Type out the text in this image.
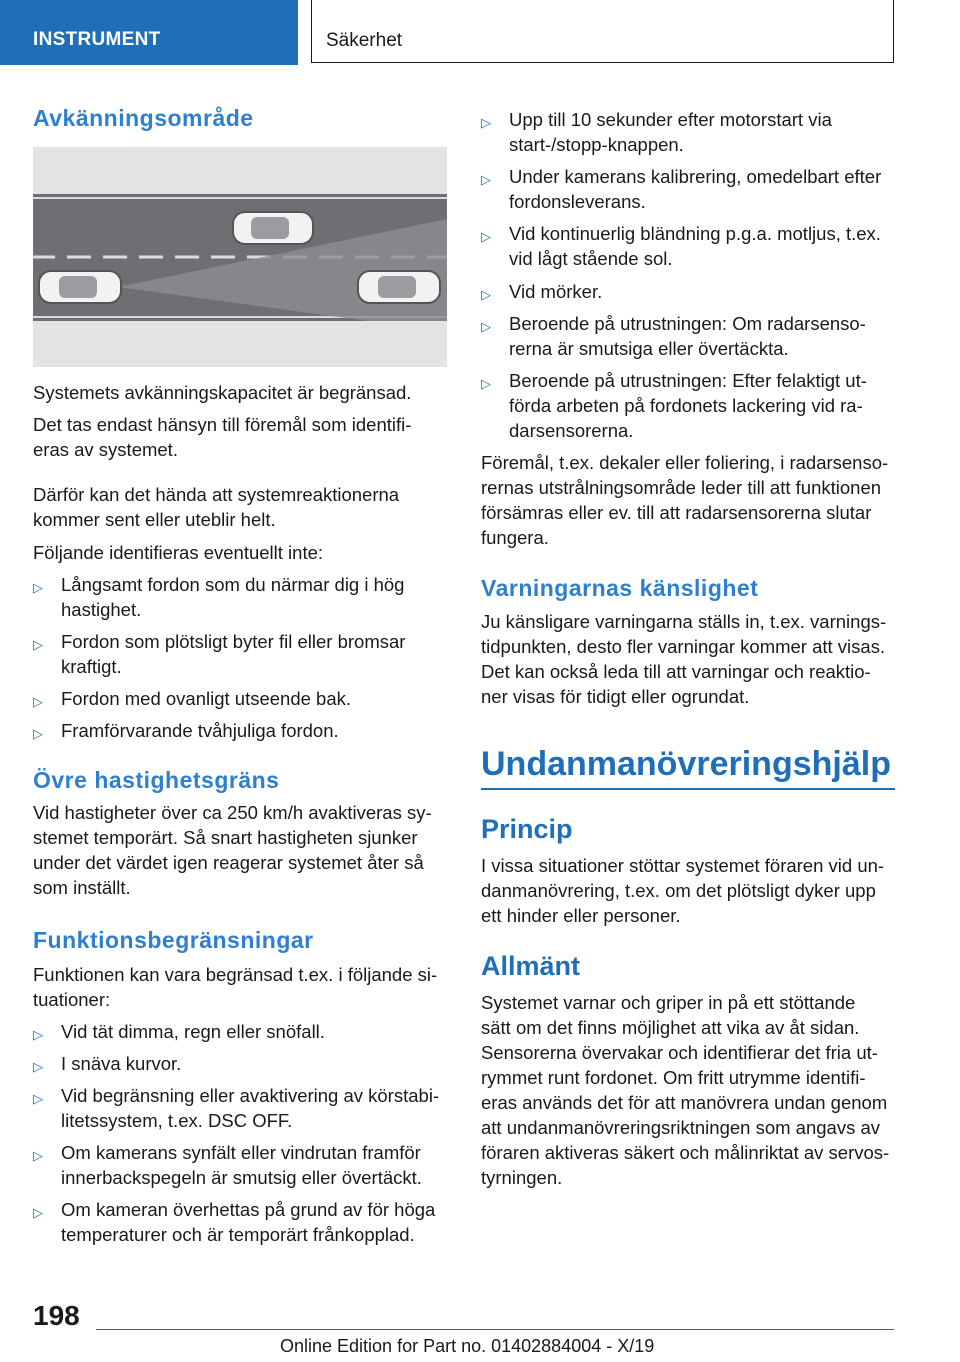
INSTRUMENT	Säkerhet
Avkänningsområde

Systemets avkänningskapacitet är begränsad.

Det tas endast hänsyn till föremål som identifi-

eras av systemet.

Därför kan det hända att systemreaktionerna

kommer sent eller uteblir helt.

Följande identifieras eventuellt inte:

▷ Långsamt fordon som du närmar dig i hög
hastighet.
▷ Fordon som plötsligt byter fil eller bromsar
kraftigt.
▷ Fordon med ovanligt utseende bak.
▷ Framförvarande tvåhjuliga fordon.
Övre hastighetsgräns

Vid hastigheter över ca 250 km/h avaktiveras sy-
stemet temporärt. Så snart hastigheten sjunker
under det värdet igen reagerar systemet åter så
som inställt.

Funktionsbegränsningar

Funktionen kan vara begränsad t.ex. i följande si-

tuationer:

▷ Vid tät dimma, regn eller snöfall.
▷ I snäva kurvor.
▷ Vid begränsning eller avaktivering av körstabi-
litetssystem, t.ex. DSC OFF.
▷ Om kamerans synfält eller vindrutan framför
innerbackspegeln är smutsig eller övertäckt.
▷ Om kameran överhettas på grund av för höga
temperaturer och är temporärt frånkopplad.
▷ Upp till 10 sekunder efter motorstart via
start-/stopp-knappen.
▷ Under kamerans kalibrering, omedelbart efter
fordonsleverans.
▷ Vid kontinuerlig bländning p.g.a. motljus, t.ex.
vid lågt stående sol.
▷ Vid mörker.
▷ Beroende på utrustningen: Om radarsenso-
rerna är smutsiga eller övertäckta.
▷ Beroende på utrustningen: Efter felaktigt ut-
förda arbeten på fordonets lackering vid ra-
darsensorerna.

Föremål, t.ex. dekaler eller foliering, i radarsenso-
rernas utstrålningsområde leder till att funktionen
försämras eller ev. till att radarsensorerna slutar
fungera.

Varningarnas känslighet

Ju känsligare varningarna ställs in, t.ex. varnings-
tidpunkten, desto fler varningar kommer att visas.
Det kan också leda till att varningar och reaktio-
ner visas för tidigt eller ogrundat.

Undanmanövreringshjälp
Princip

I vissa situationer stöttar systemet föraren vid un-
danmanövrering, t.ex. om det plötsligt dyker upp
ett hinder eller personer.

Allmänt

Systemet varnar och griper in på ett stöttande
sätt om det finns möjlighet att vika av åt sidan.
Sensorerna övervakar och identifierar det fria ut-
rymmet runt fordonet. Om fritt utrymme identifi-
eras används det för att manövrera undan genom
att undanmanövreringsriktningen som angavs av
föraren aktiveras säkert och målinriktat av servos-
tyrningen.

198
Online Edition for Part no. 01402884004 - X/19
